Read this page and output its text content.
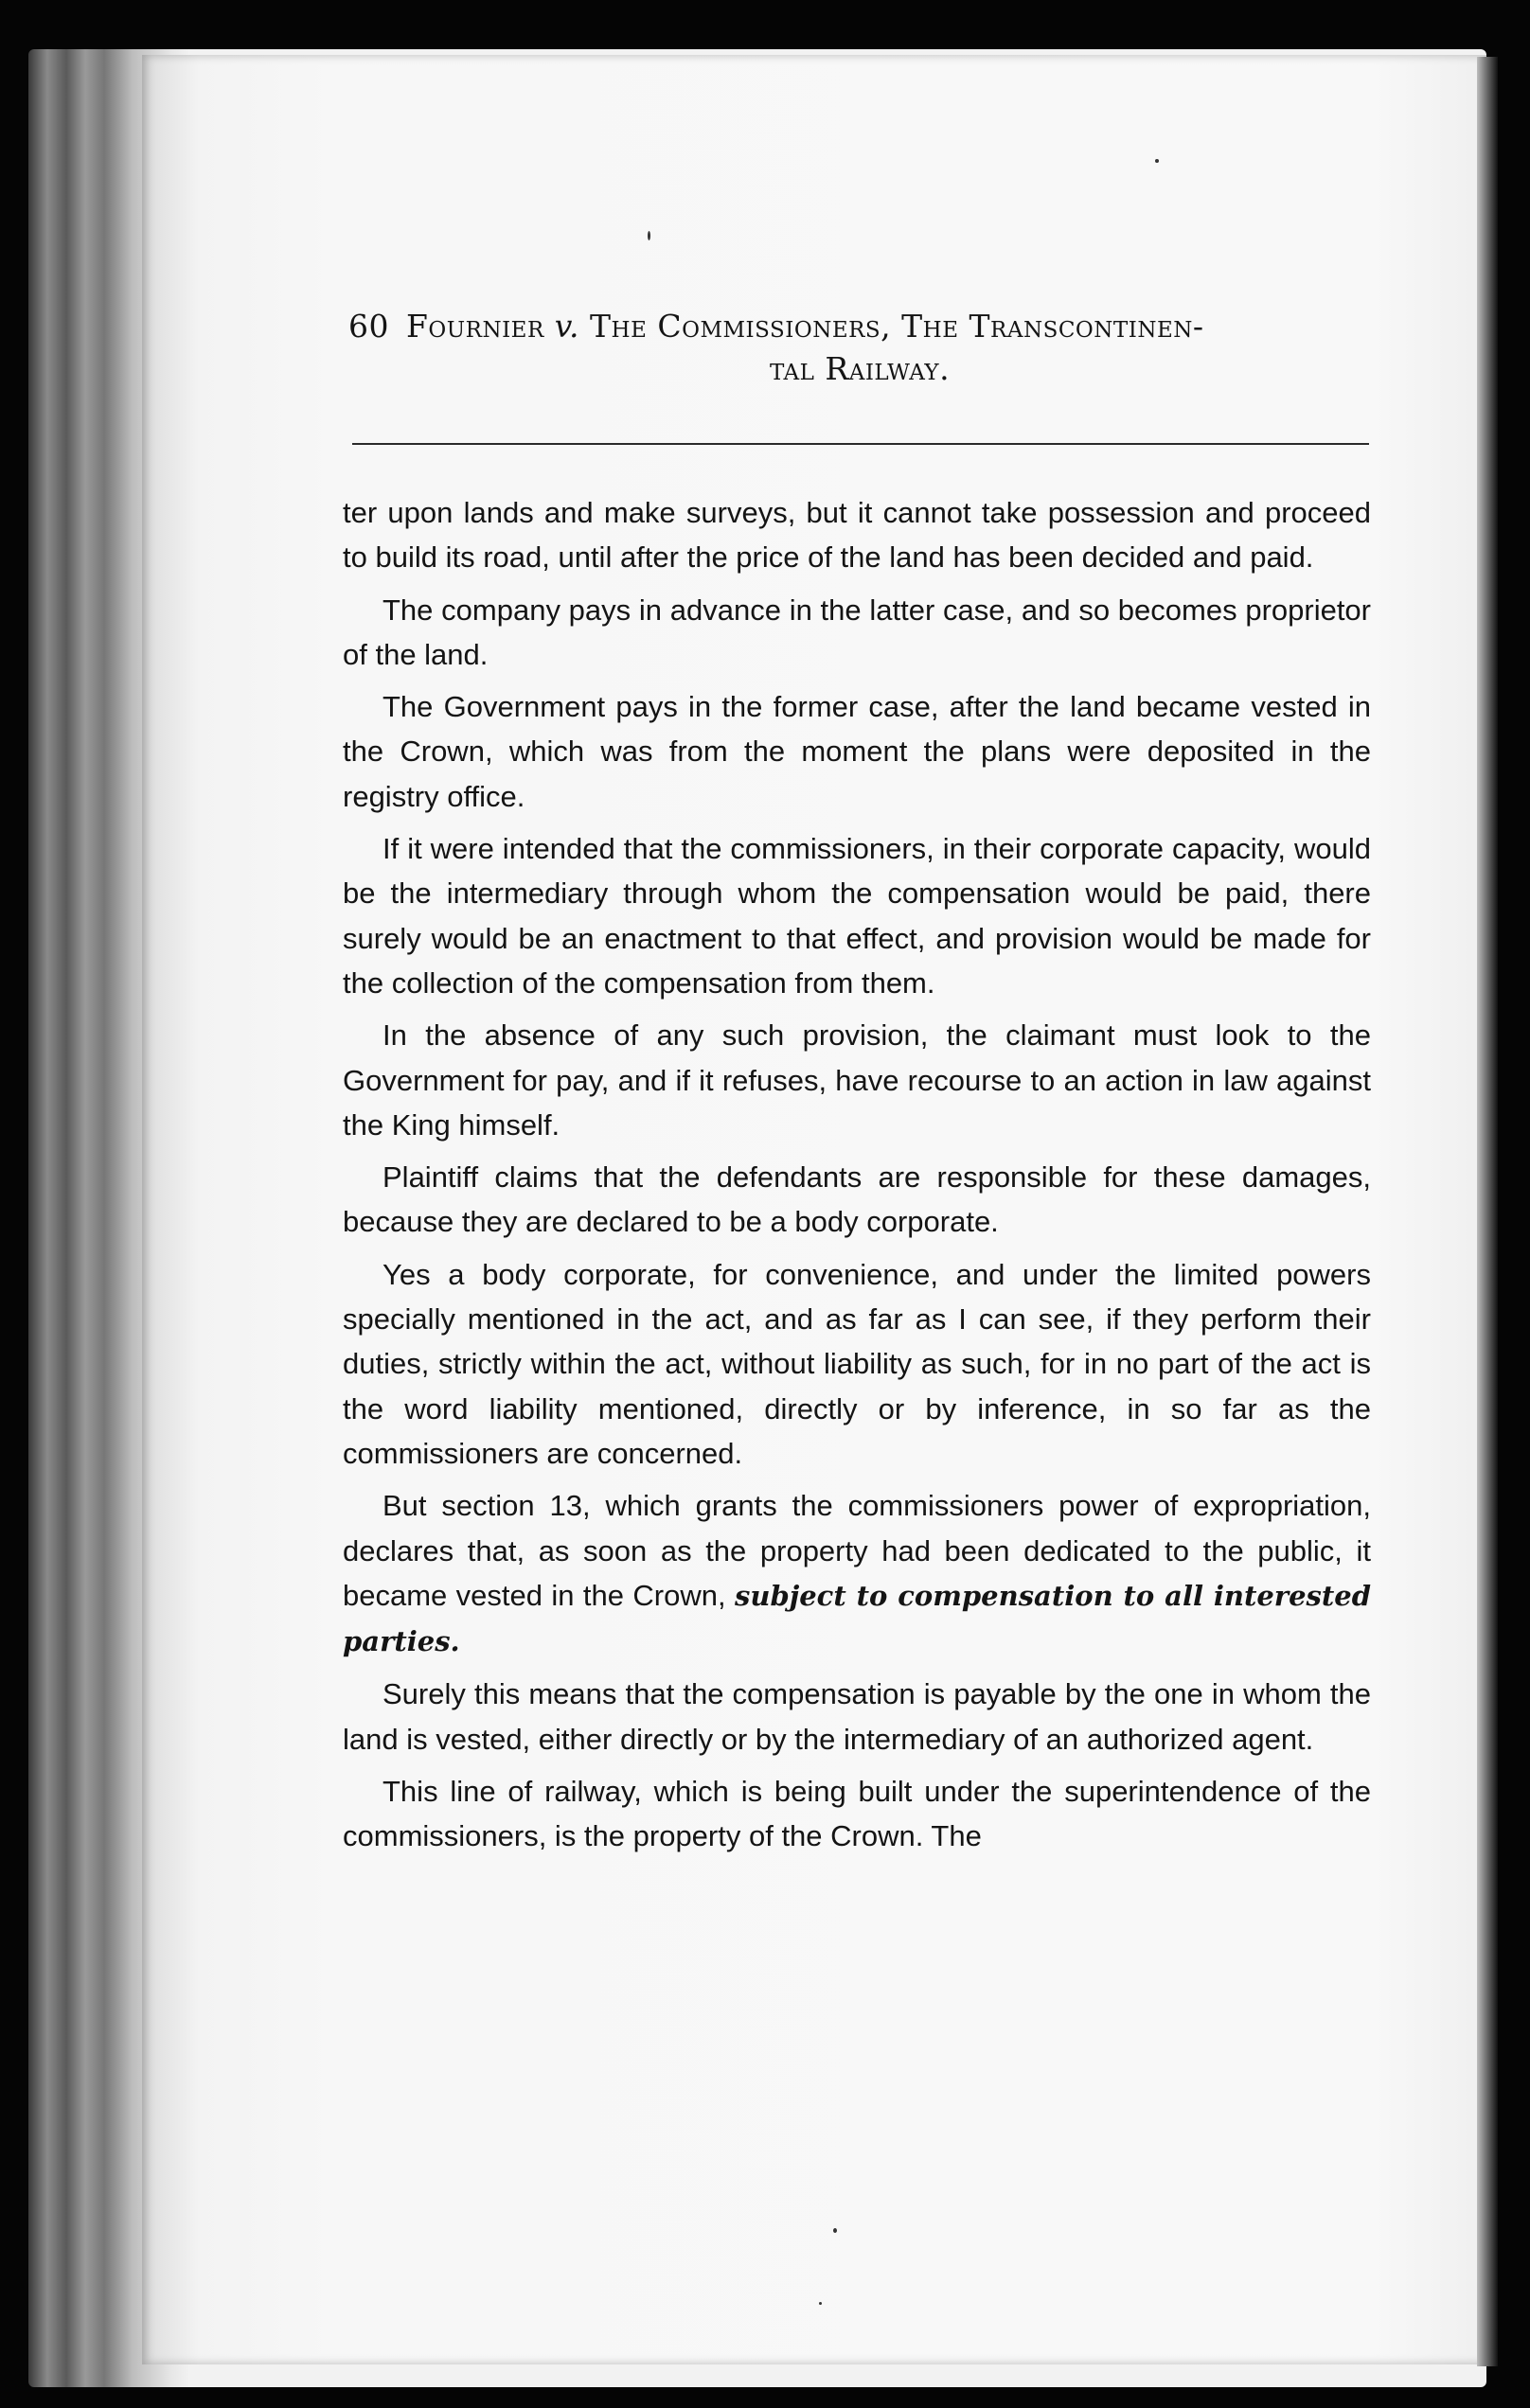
60 Fournier v. The Commissioners, The Transcontinen-
tal Railway.

ter upon lands and make surveys, but it cannot take possession and proceed to build its road, until after the price of the land has been decided and paid.

The company pays in advance in the latter case, and so becomes proprietor of the land.

The Government pays in the former case, after the land became vested in the Crown, which was from the moment the plans were deposited in the registry office.

If it were intended that the commissioners, in their corporate capacity, would be the intermediary through whom the compensation would be paid, there surely would be an enactment to that effect, and provision would be made for the collection of the compensation from them.

In the absence of any such provision, the claimant must look to the Government for pay, and if it refuses, have recourse to an action in law against the King himself.

Plaintiff claims that the defendants are responsible for these damages, because they are declared to be a body corporate.

Yes a body corporate, for convenience, and under the limited powers specially mentioned in the act, and as far as I can see, if they perform their duties, strictly within the act, without liability as such, for in no part of the act is the word liability mentioned, directly or by inference, in so far as the commissioners are concerned.

But section 13, which grants the commissioners power of expropriation, declares that, as soon as the property had been dedicated to the public, it became vested in the Crown, subject to compensation to all interested parties.

Surely this means that the compensation is payable by the one in whom the land is vested, either directly or by the intermediary of an authorized agent.

This line of railway, which is being built under the superintendence of the commissioners, is the property of the Crown. The
